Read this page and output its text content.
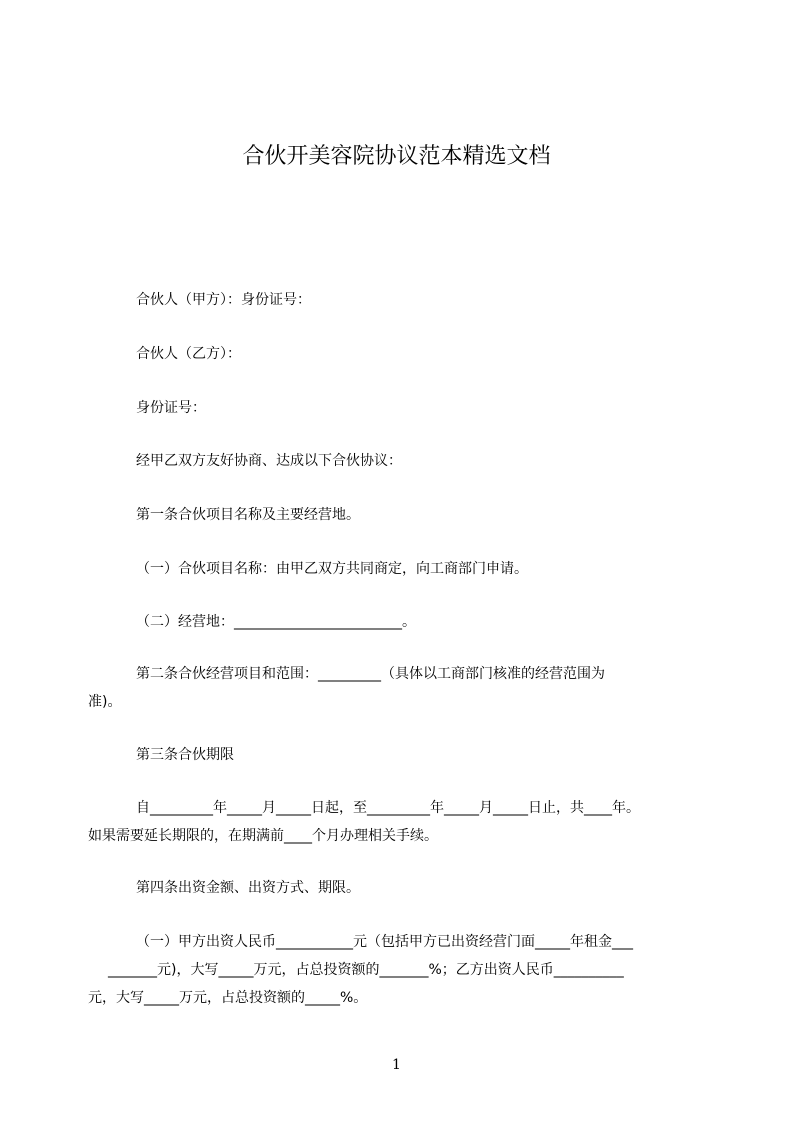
合伙开美容院协议范本精选文档
合伙人（甲方）：身份证号：
合伙人（乙方）：
身份证号：
经甲乙双方友好协商、达成以下合伙协议：
第一条合伙项目名称及主要经营地。
（一）合伙项目名称：由甲乙双方共同商定，向工商部门申请。
（二）经营地：________________________。
第二条合伙经营项目和范围：_________（具体以工商部门核准的经营范围为
准)。
第三条合伙期限
自_________年_____月_____日起，至_________年_____月_____日止，共____年。
如果需要延长期限的，在期满前____个月办理相关手续。
第四条出资金额、出资方式、期限。
（一）甲方出资人民币___________元（包括甲方已出资经营门面_____年租金___
_______元)，大写_____万元，占总投资额的_______%；乙方出资人民币__________
元，大写_____万元，占总投资额的_____%。
1
